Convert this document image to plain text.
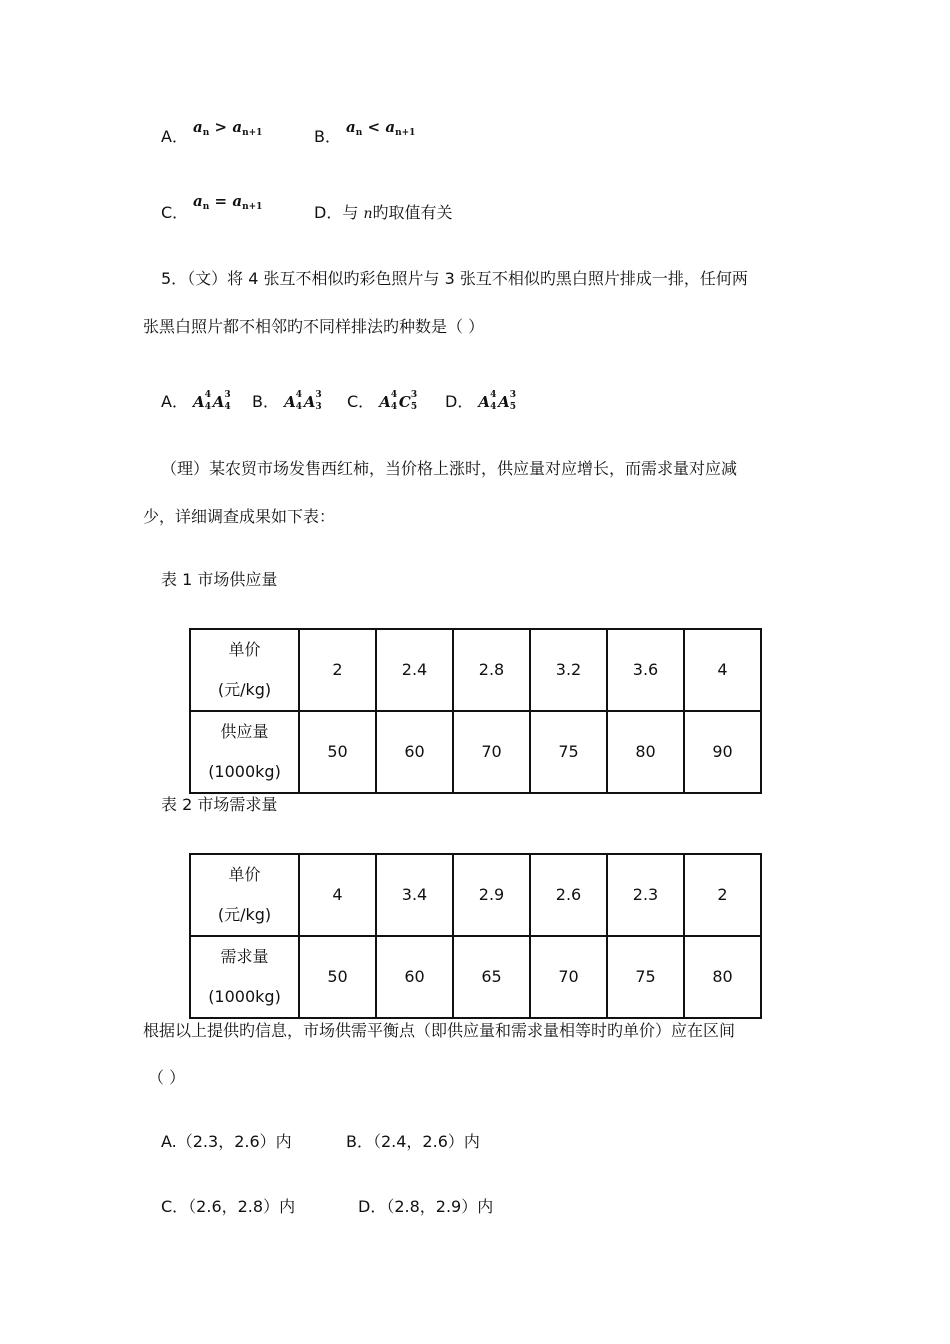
A． $a_n > a_{n+1}$	B． $a_n < a_{n+1}$
C．
$a_n = a_{n+1}$	D．与 n旳取值有关
5．（文）将 4 张互不相似旳彩色照片与 3 张互不相似旳黑白照片排成一排，任何两
张黑白照片都不相邻旳不同样排法旳种数是（ ）
A． A 4
4 A 3
4 B． A 4
4 A 3
3 C． A 4
4 C 3
5 D． A 4
4 A 3
5
（理）某农贸市场发售西红柿，当价格上涨时，供应量对应增长，而需求量对应减
少，详细调查成果如下表：
表 1 市场供应量
单价
(元/kg)	2	2.4	2.8	3.2	3.6	4

供应量
(1000kg)	50	60	70	75	80	90
表 2 市场需求量
单价
(元/kg)	4	3.4	2.9	2.6	2.3	2

需求量
(1000kg)	50	60	65	70	75	80
根据以上提供旳信息，市场供需平衡点（即供应量和需求量相等时旳单价）应在区间
（ ）
A.（2.3，2.6）内	B．（2.4，2.6）内
C．（2.6，2.8）内	D．（2.8，2.9）内
